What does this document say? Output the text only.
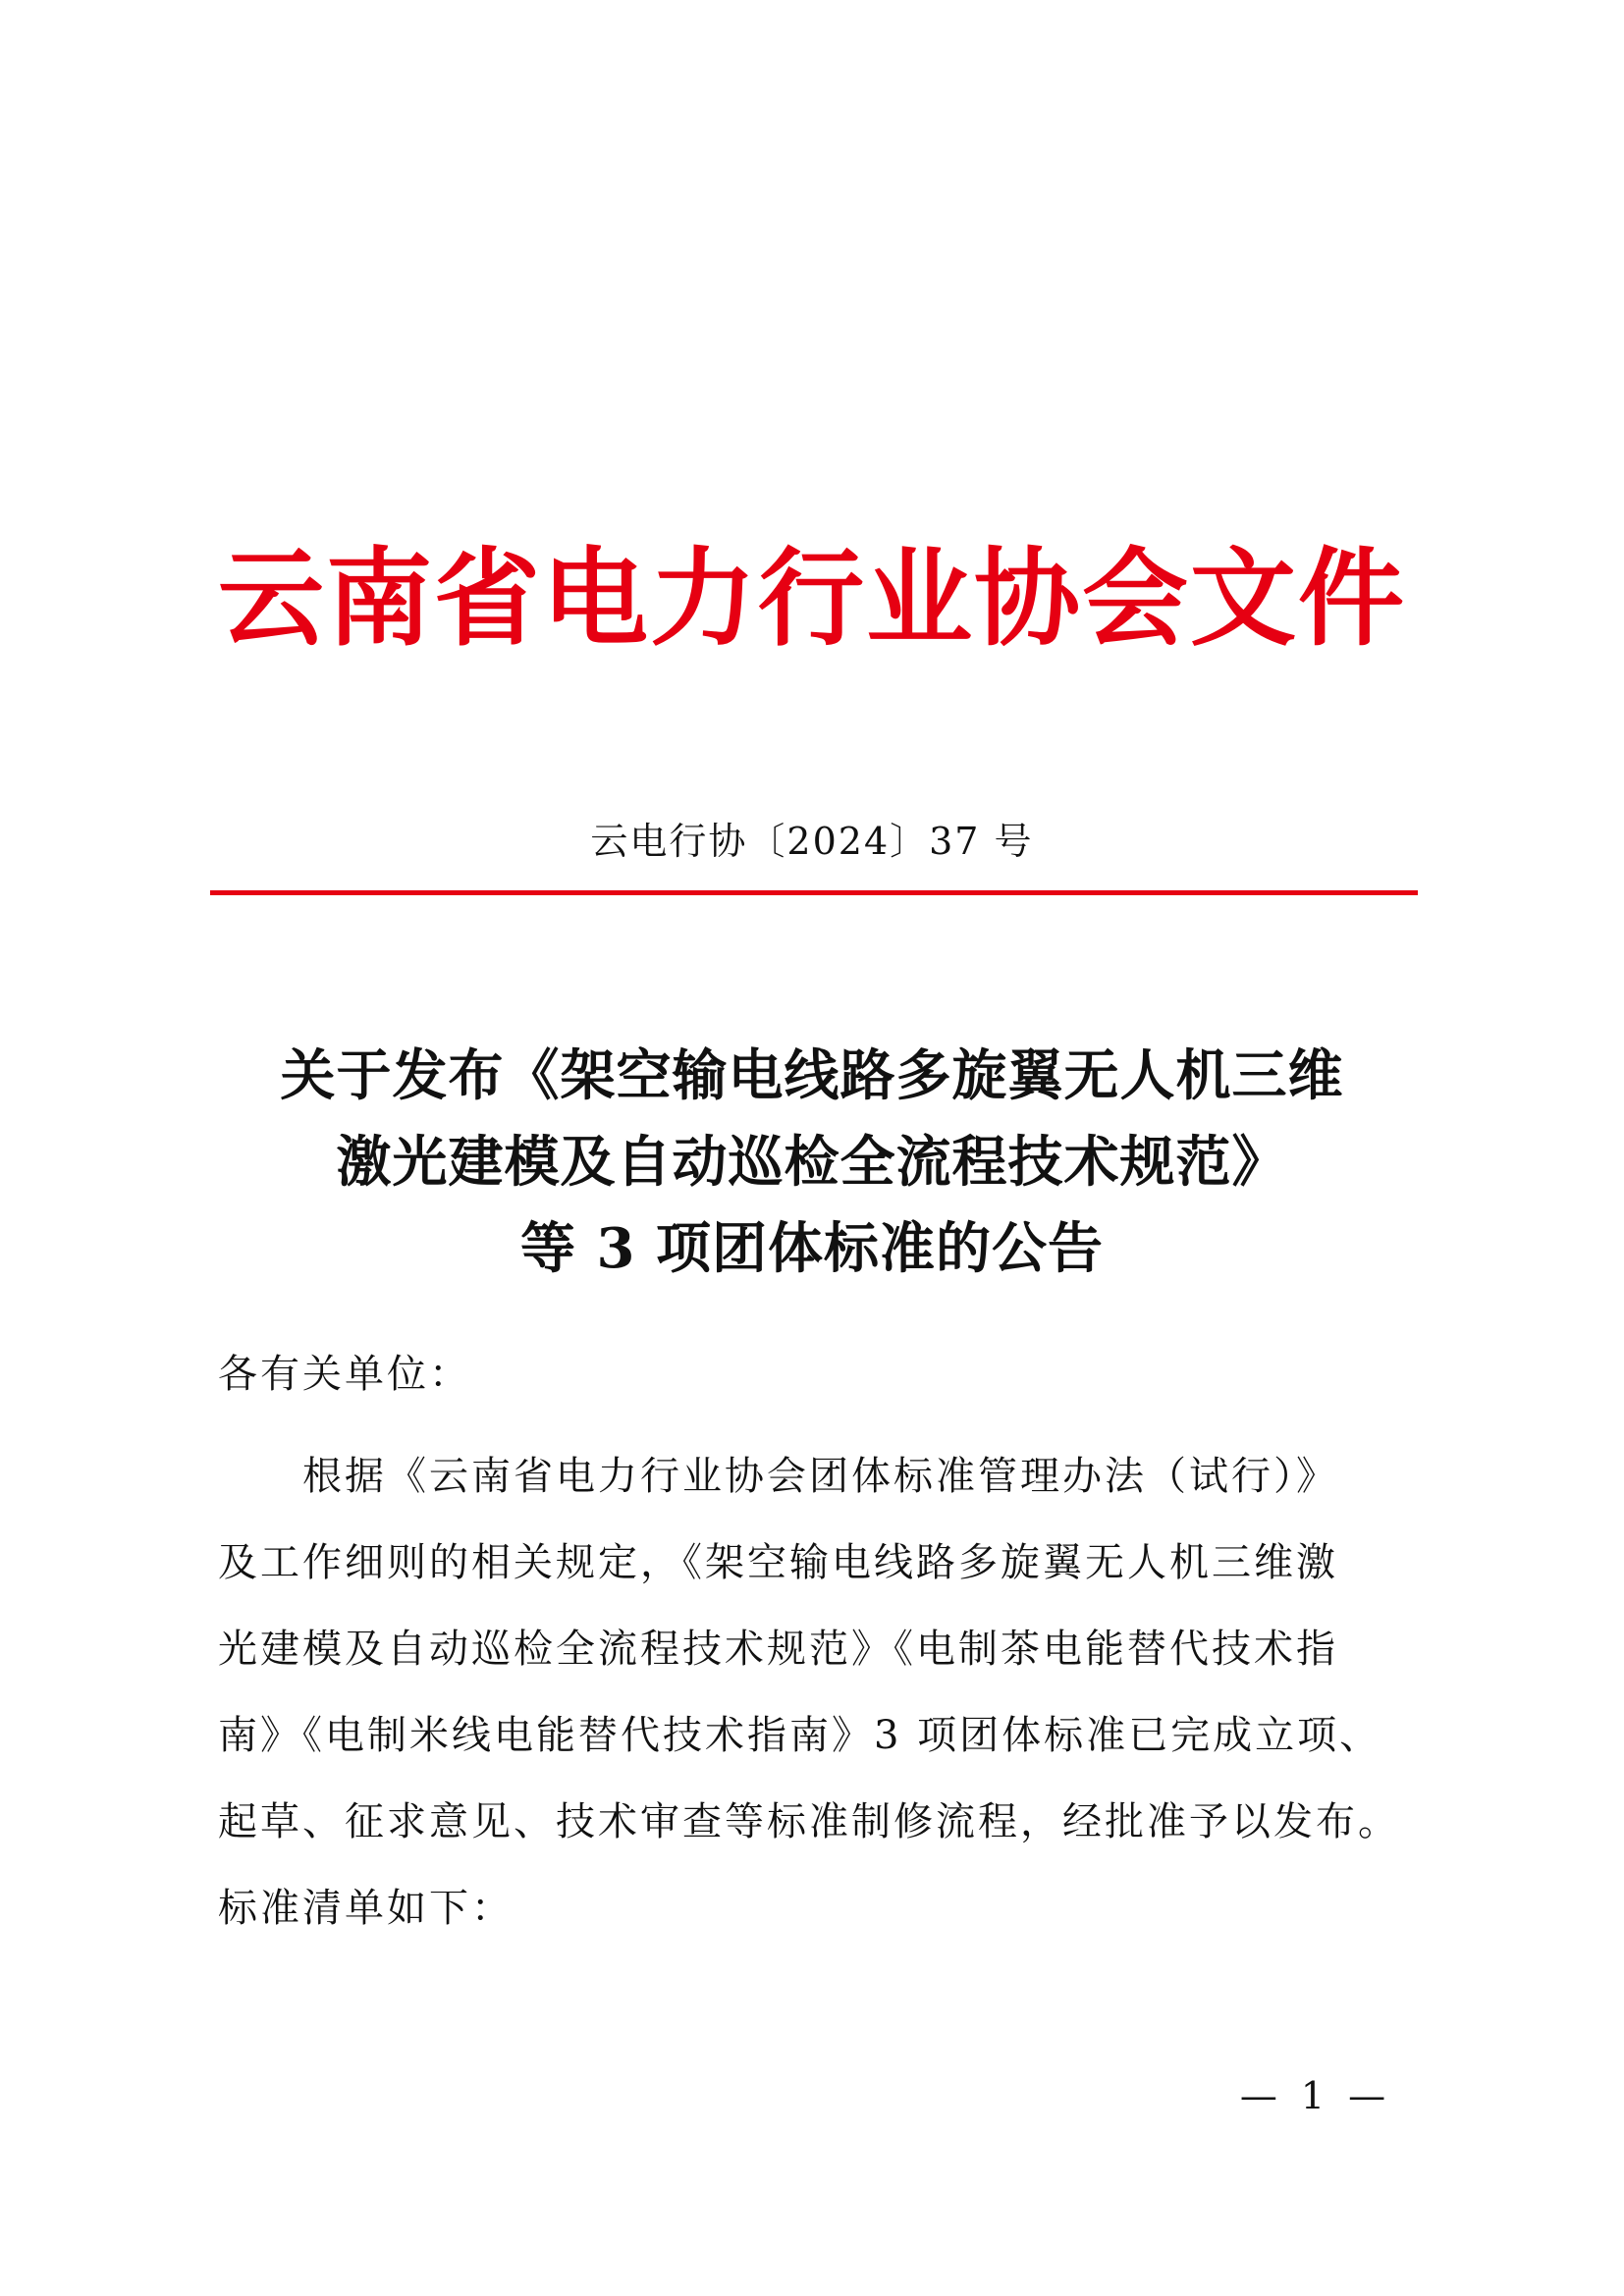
云南省电力行业协会文件
云电行协〔2024〕37 号
关于发布《架空输电线路多旋翼无人机三维
激光建模及自动巡检全流程技术规范》
等 3 项团体标准的公告
各有关单位：
根据《云南省电力行业协会团体标准管理办法（试行）》
及工作细则的相关规定，《架空输电线路多旋翼无人机三维激
光建模及自动巡检全流程技术规范》《电制茶电能替代技术指
南》《电制米线电能替代技术指南》3 项团体标准已完成立项、
起草、征求意见、技术审查等标准制修流程，经批准予以发布。
标准清单如下：
— 1 —
